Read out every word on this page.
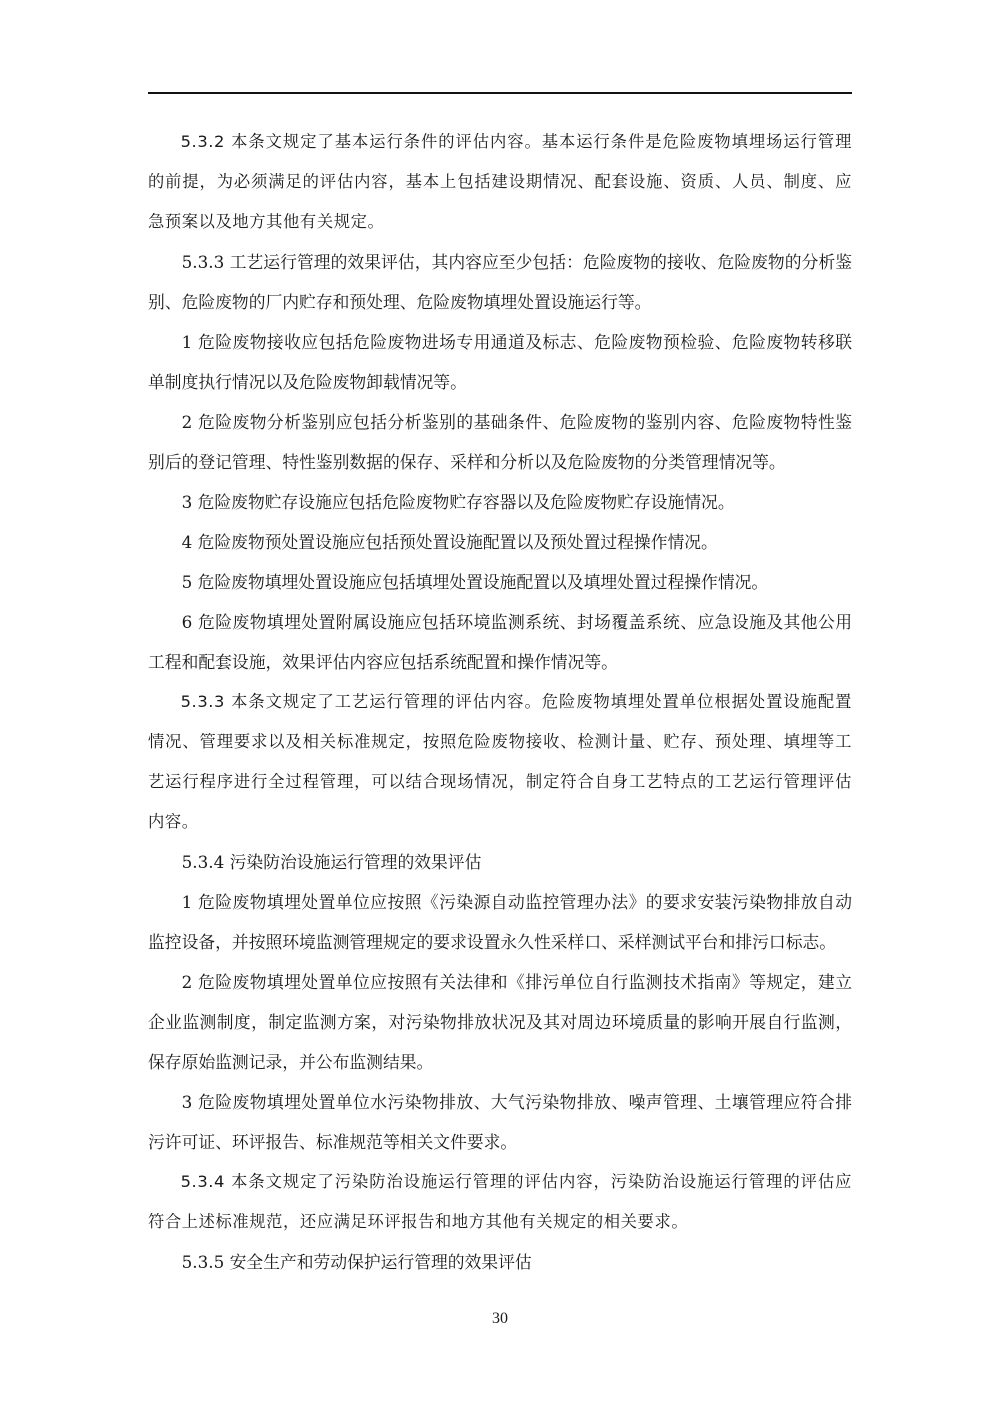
5.3.2 本条文规定了基本运行条件的评估内容。基本运行条件是危险废物填埋场运行管理的前提，为必须满足的评估内容，基本上包括建设期情况、配套设施、资质、人员、制度、应急预案以及地方其他有关规定。

5.3.3 工艺运行管理的效果评估，其内容应至少包括：危险废物的接收、危险废物的分析鉴别、危险废物的厂内贮存和预处理、危险废物填埋处置设施运行等。

1 危险废物接收应包括危险废物进场专用通道及标志、危险废物预检验、危险废物转移联单制度执行情况以及危险废物卸载情况等。

2 危险废物分析鉴别应包括分析鉴别的基础条件、危险废物的鉴别内容、危险废物特性鉴别后的登记管理、特性鉴别数据的保存、采样和分析以及危险废物的分类管理情况等。

3 危险废物贮存设施应包括危险废物贮存容器以及危险废物贮存设施情况。

4 危险废物预处置设施应包括预处置设施配置以及预处置过程操作情况。

5 危险废物填埋处置设施应包括填埋处置设施配置以及填埋处置过程操作情况。

6 危险废物填埋处置附属设施应包括环境监测系统、封场覆盖系统、应急设施及其他公用工程和配套设施，效果评估内容应包括系统配置和操作情况等。

5.3.3 本条文规定了工艺运行管理的评估内容。危险废物填埋处置单位根据处置设施配置情况、管理要求以及相关标准规定，按照危险废物接收、检测计量、贮存、预处理、填埋等工艺运行程序进行全过程管理，可以结合现场情况，制定符合自身工艺特点的工艺运行管理评估内容。

5.3.4 污染防治设施运行管理的效果评估

1 危险废物填埋处置单位应按照《污染源自动监控管理办法》的要求安装污染物排放自动监控设备，并按照环境监测管理规定的要求设置永久性采样口、采样测试平台和排污口标志。

2 危险废物填埋处置单位应按照有关法律和《排污单位自行监测技术指南》等规定，建立企业监测制度，制定监测方案，对污染物排放状况及其对周边环境质量的影响开展自行监测，保存原始监测记录，并公布监测结果。

3 危险废物填埋处置单位水污染物排放、大气污染物排放、噪声管理、土壤管理应符合排污许可证、环评报告、标准规范等相关文件要求。

5.3.4 本条文规定了污染防治设施运行管理的评估内容，污染防治设施运行管理的评估应符合上述标准规范，还应满足环评报告和地方其他有关规定的相关要求。

5.3.5 安全生产和劳动保护运行管理的效果评估

30
